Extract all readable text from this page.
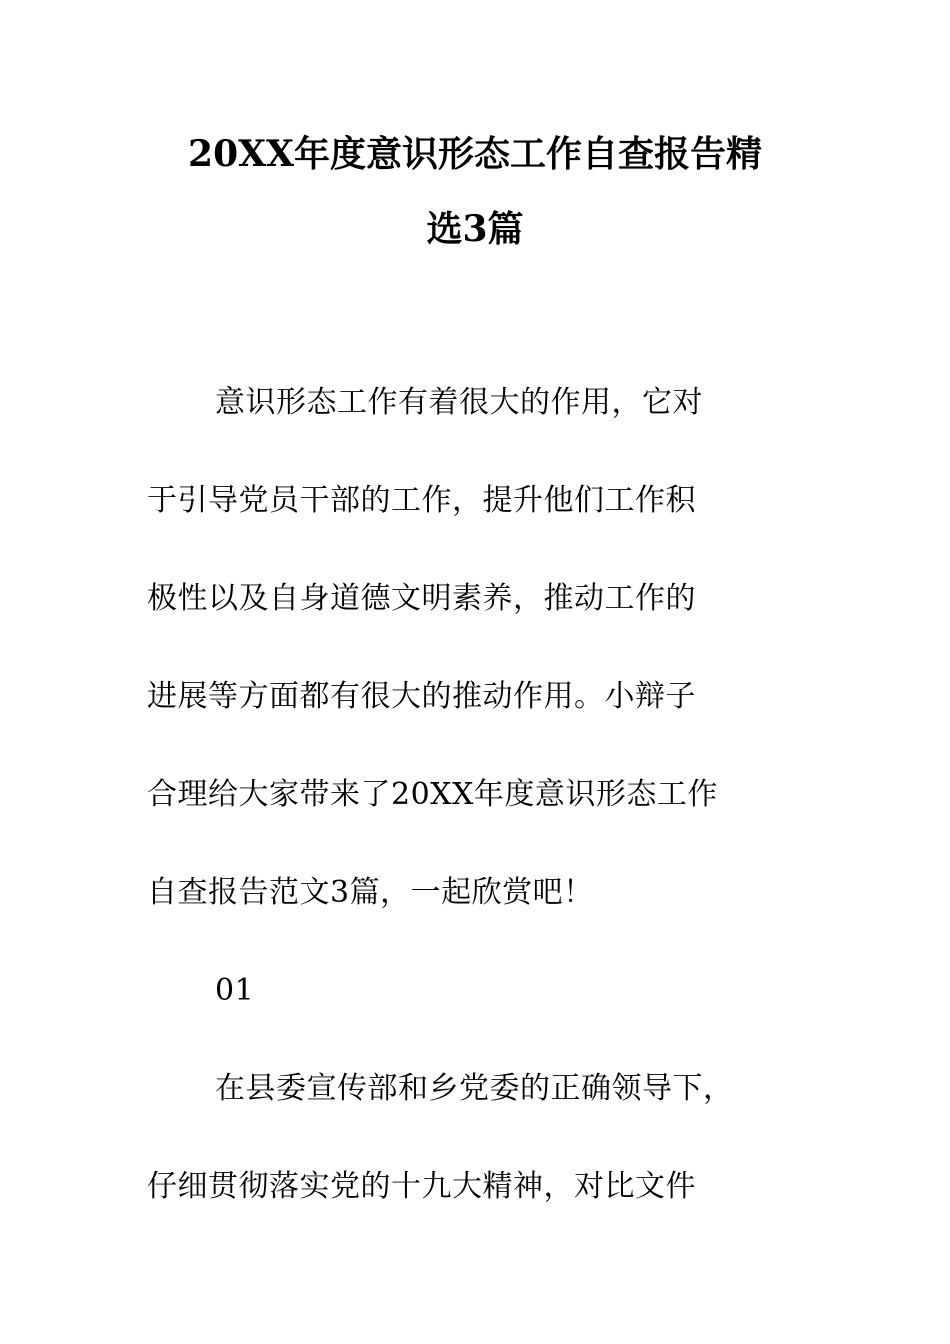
20XX年度意识形态工作自查报告精
选3篇
意识形态工作有着很大的作用，它对
于引导党员干部的工作，提升他们工作积
极性以及自身道德文明素养，推动工作的
进展等方面都有很大的推动作用。小辩子
合理给大家带来了20XX年度意识形态工作
自查报告范文3篇，一起欣赏吧！
01
在县委宣传部和乡党委的正确领导下，
仔细贯彻落实党的十九大精神，对比文件
